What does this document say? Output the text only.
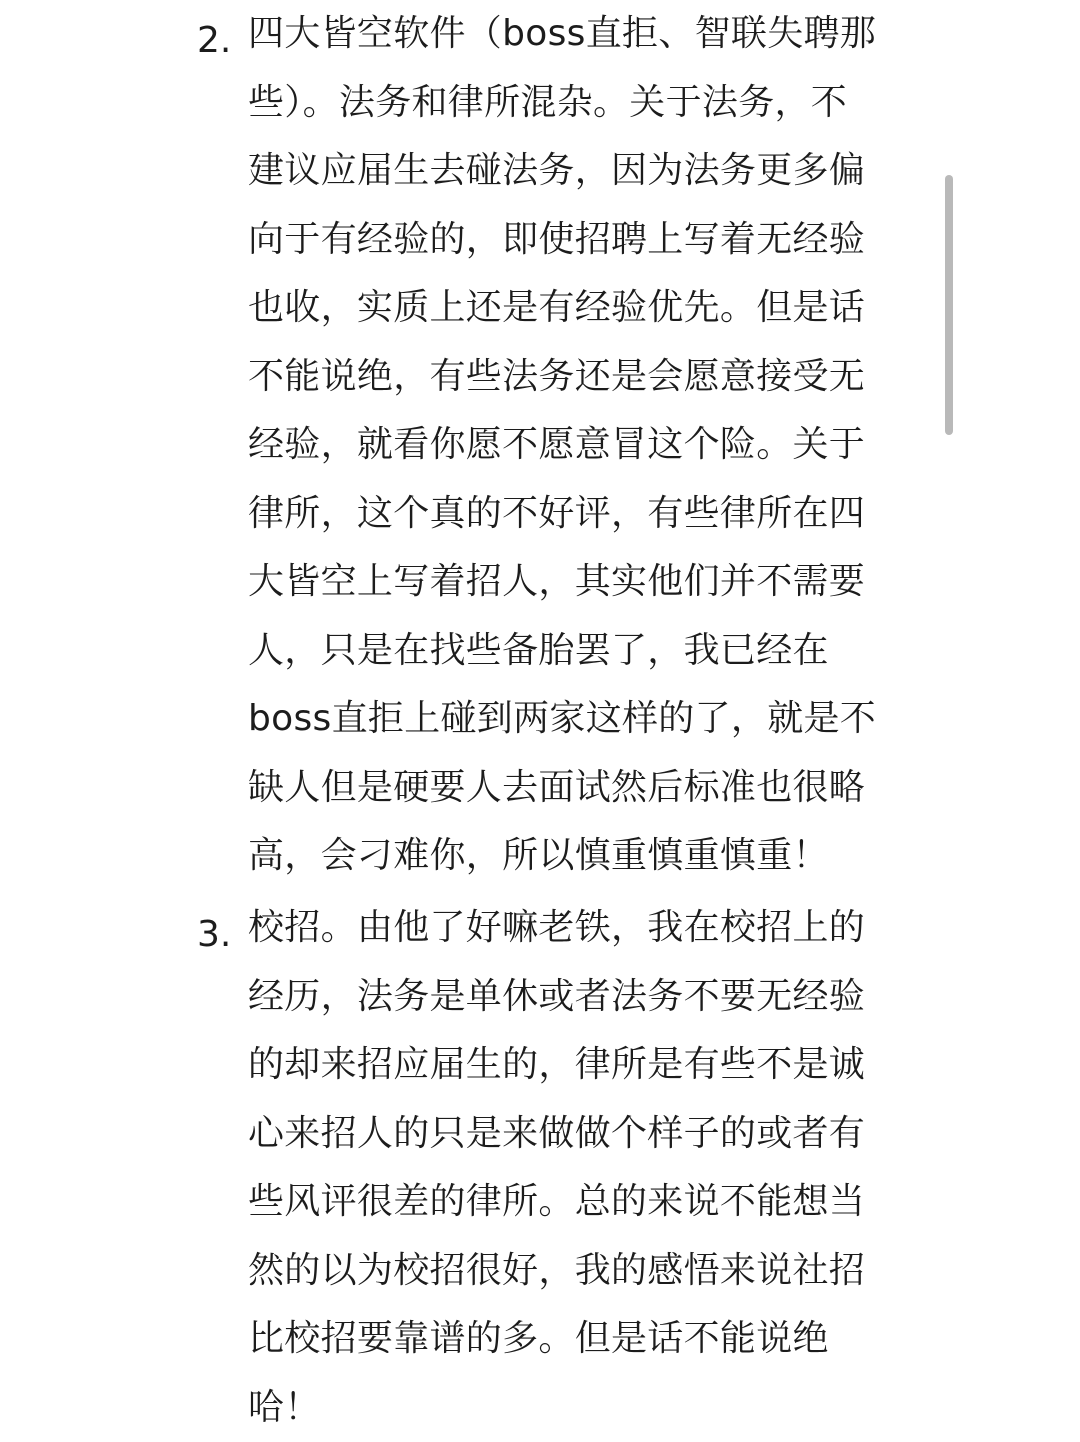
2. 四大皆空软件（boss直拒、智联失聘那
些）。法务和律所混杂。关于法务，不
建议应届生去碰法务，因为法务更多偏
向于有经验的，即使招聘上写着无经验
也收，实质上还是有经验优先。但是话
不能说绝，有些法务还是会愿意接受无
经验，就看你愿不愿意冒这个险。关于
律所，这个真的不好评，有些律所在四
大皆空上写着招人，其实他们并不需要
人，只是在找些备胎罢了，我已经在
boss直拒上碰到两家这样的了，就是不
缺人但是硬要人去面试然后标准也很略
高，会刁难你，所以慎重慎重慎重！
3. 校招。由他了好嘛老铁，我在校招上的
经历，法务是单休或者法务不要无经验
的却来招应届生的，律所是有些不是诚
心来招人的只是来做做个样子的或者有
些风评很差的律所。总的来说不能想当
然的以为校招很好，我的感悟来说社招
比校招要靠谱的多。但是话不能说绝
哈！
